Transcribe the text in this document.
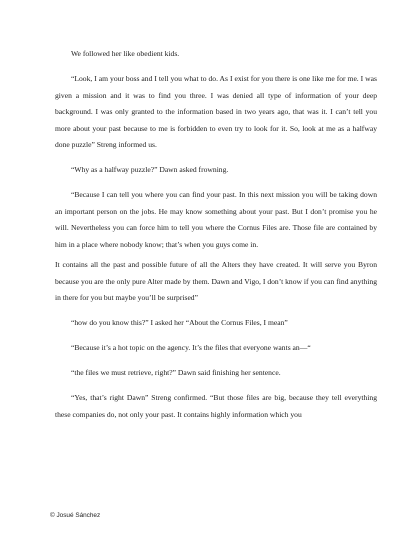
We followed her like obedient kids.

“Look, I am your boss and I tell you what to do. As I exist for you there is one like me for me. I was given a mission and it was to find you three. I was denied all type of information of your deep background. I was only granted to the information based in two years ago, that was it. I can’t tell you more about your past because to me is forbidden to even try to look for it. So, look at me as a halfway done puzzle” Streng informed us.

“Why as a halfway puzzle?” Dawn asked frowning.

“Because I can tell you where you can find your past. In this next mission you will be taking down an important person on the jobs. He may know something about your past. But I don’t promise you he will. Nevertheless you can force him to tell you where the Cornus Files are. Those file are contained by him in a place where nobody know; that’s when you guys come in.

It contains all the past and possible future of all the Alters they have created. It will serve you Byron because you are the only pure Alter made by them. Dawn and Vigo, I don’t know if you can find anything in there for you but maybe you’ll be surprised”

“how do you know this?” I asked her “About the Cornus Files, I mean”

“Because it’s a hot topic on the agency. It’s the files that everyone wants an—“

“the files we must retrieve, right?” Dawn said finishing her sentence.

“Yes, that’s right Dawn” Streng confirmed. “But those files are big, because they tell everything these companies do, not only your past. It contains highly information which you

© Josué Sánchez
